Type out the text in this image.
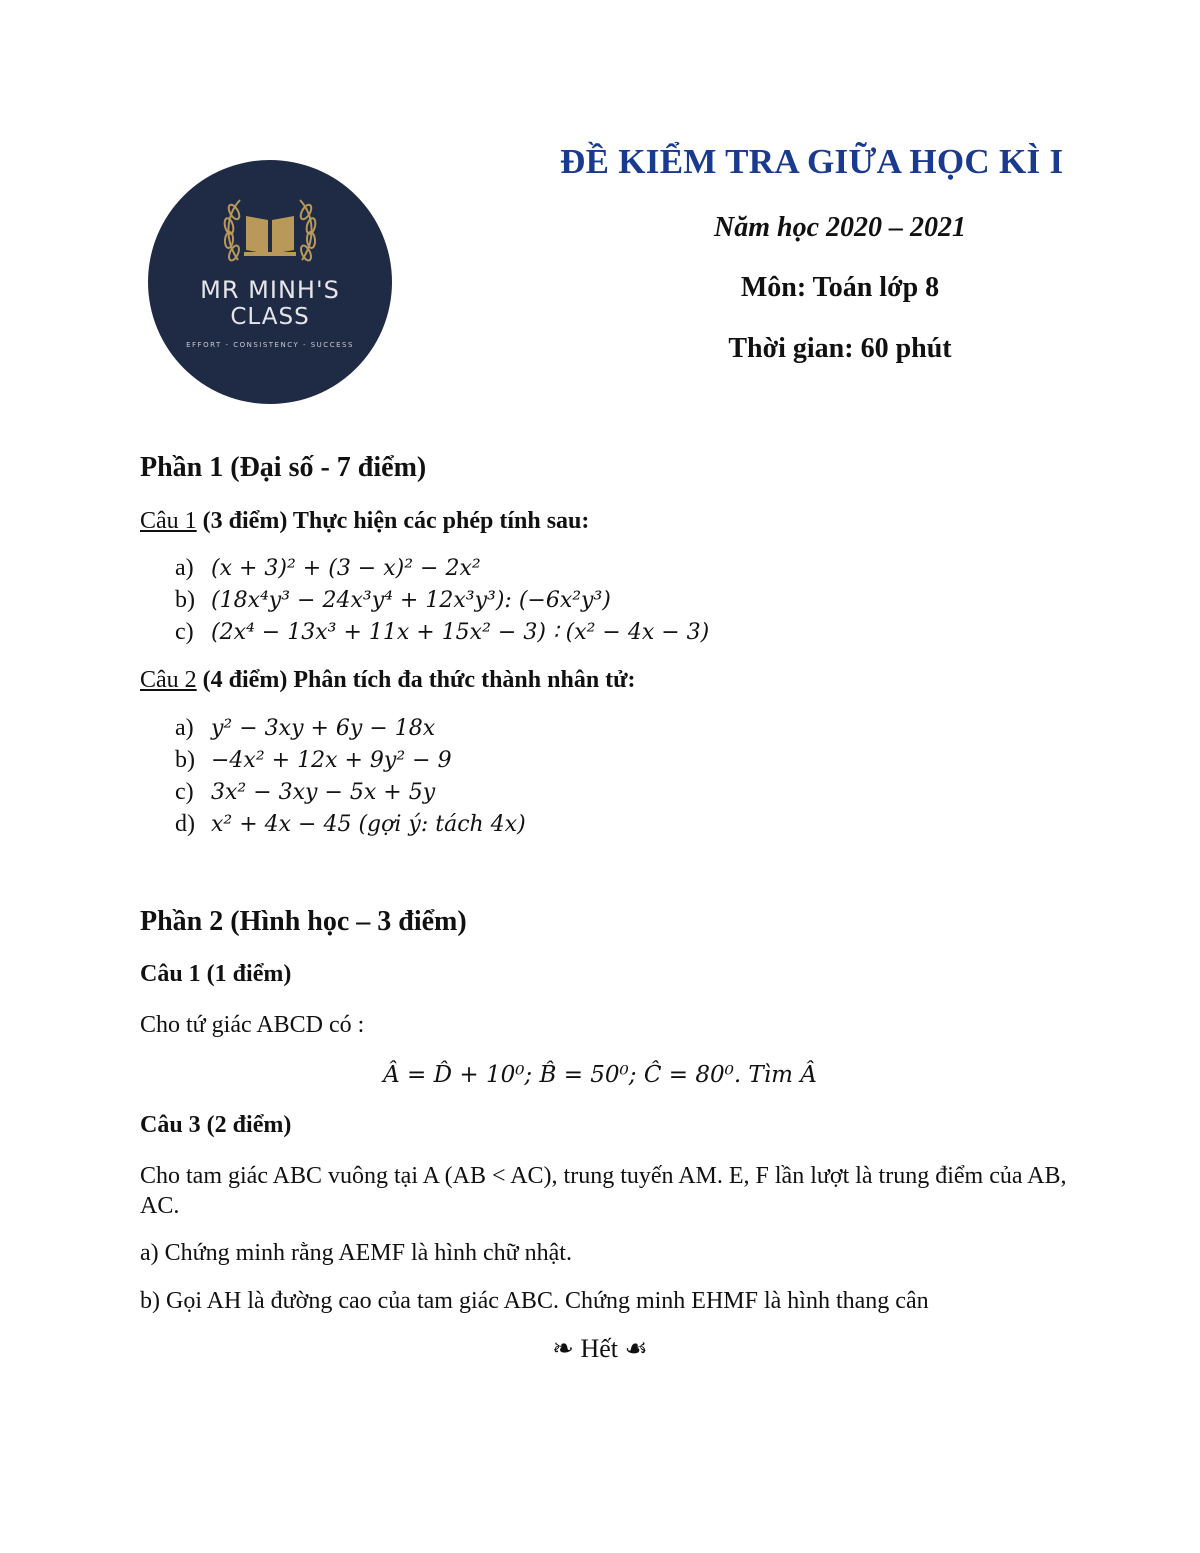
MR MINH'S
CLASS
EFFORT - CONSISTENCY - SUCCESS
ĐỀ KIỂM TRA GIỮA HỌC KÌ I
Năm học 2020 – 2021
Môn: Toán lớp 8
Thời gian: 60 phút
Phần 1 (Đại số - 7 điểm)
Câu 1 (3 điểm) Thực hiện các phép tính sau:
a) (x + 3)² + (3 − x)² − 2x²
b) (18x⁴y³ − 24x³y⁴ + 12x³y³): (−6x²y³)
c) (2x⁴ − 13x³ + 11x + 15x² − 3) ∶ (x² − 4x − 3)
Câu 2 (4 điểm) Phân tích đa thức thành nhân tử:
a) y² − 3xy + 6y − 18x
b) −4x² + 12x + 9y² − 9
c) 3x² − 3xy − 5x + 5y
d) x² + 4x − 45 (gợi ý: tách 4x)
Phần 2 (Hình học – 3 điểm)
Câu 1 (1 điểm)
Cho tứ giác ABCD có :
Â = D̂ + 10⁰; B̂ = 50⁰; Ĉ = 80⁰. Tìm Â
Câu 3 (2 điểm)
Cho tam giác ABC vuông tại A (AB < AC), trung tuyến AM. E, F lần lượt là trung điểm của AB, AC.
a) Chứng minh rằng AEMF là hình chữ nhật.
b) Gọi AH là đường cao của tam giác ABC. Chứng minh EHMF là hình thang cân
❧ Hết ☙
